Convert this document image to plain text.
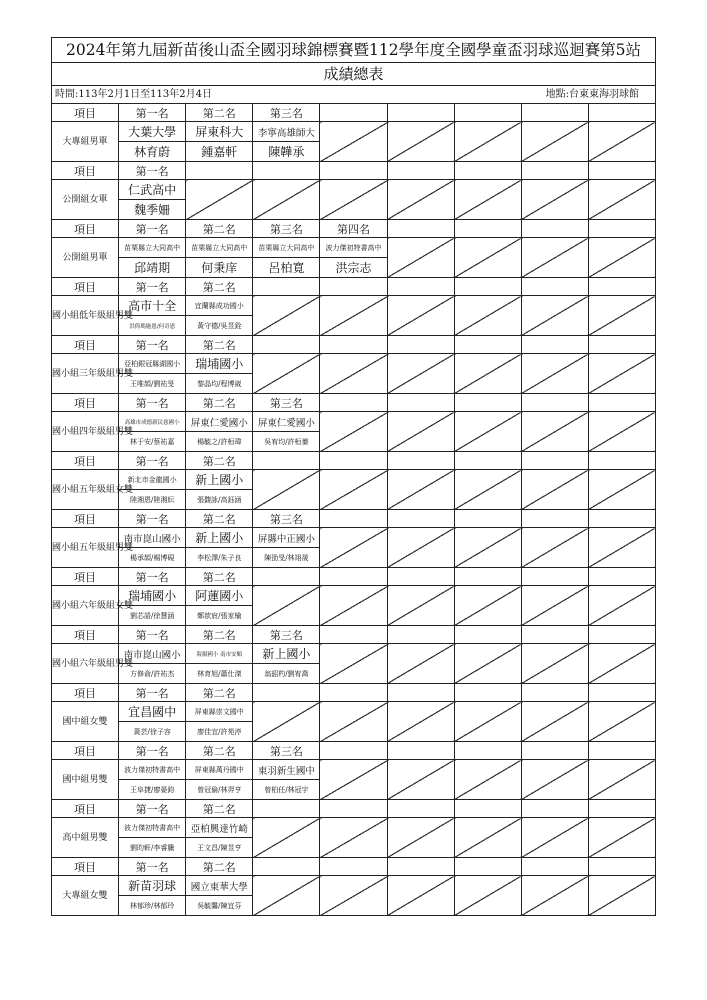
2024年第九屆新苗後山盃全國羽球錦標賽暨112學年度全國學童盃羽球巡迴賽第5站
成績總表
時間:113年2月1日至113年2月4日	地點:台東東海羽球館
項目	第一名	第二名	第三名					
大專組男單	大葉大學	屏東科大	李寧高雄師大					
	林育蔚	鍾嘉軒	陳韡承					
項目	第一名							
公開組女單	仁武高中							
	魏季姍							
項目	第一名	第二名	第三名	第四名				
公開組男單	苗栗縣立大同高中	苗栗縣立大同高中	苗栗縣立大同高中	波力傑初特書高中				
	邱靖期	何秉庠	呂柏寬	洪宗志				
項目	第一名	第二名						
國小組低年級組男雙	高市十全	宜蘭縣成功國小						
	洪倚瑪施恩/何奇恩	黃守德/吳昱銓						
項目	第一名	第二名						
國小組三年級組男雙	亞柏銀冠縣湖國小	瑞埔國小						
	王唯頡/劉祐旻	黎晶均/程博崴						
項目	第一名	第二名	第三名					
國小組四年級組男雙	高雄市成德新民慈國小	屏東仁愛國小	屏東仁愛國小					
	林于安/蔡祐嘉	楊毓之/許桓瑋	吳宥均/許桓蓁					
項目	第一名	第二名						
國小組五年級組女雙	新北市金龍國小	新上國小						
	陸湘恩/陸湘紜	張馥詠/高鈺涵						
項目	第一名	第二名	第三名					
國小組五年級組男雙	南市崑山國小	新上國小	屏縣中正國小					
	楊承頡/楊博硯	李松澤/朱子良	陳劭旻/林翊晟					
項目	第一名	第二名						
國小組六年級組女雙	瑞埔國小	阿蓮國小						
	劉芯語/徐慧涵	鄭歆宸/張家榆						
項目	第一名	第二名	第三名					
國小組六年級組男雙	南市崑山國小	海揚國小 南市安順	新上國小					
	方修俞/許祐杰	林育旭/蕭仕滐	翁韶杓/劉宥喬					
項目	第一名	第二名						
國中組女雙	宜昌國中	屏東縣崇文國中						
	黃芸/徐子容	廖佳宜/許苑渟						
項目	第一名	第二名	第三名					
國中組男雙	波力傑初特書高中	屏東縣萬丹國中	東羽新生國中					
	王阜捷/廖晏鈞	曾冠倫/林羿亨	曾柏任/林冠宇					
項目	第一名	第二名						
高中組男雙	波力傑初特書高中	亞柏興達竹崎						
	劉昀軒/李睿騰	王文昌/陳昱亨						
項目	第一名	第二名						
大專組女雙	新苗羽球	國立東華大學						
	林郁珍/林郁玲	吳毓馨/陳宜芬						
